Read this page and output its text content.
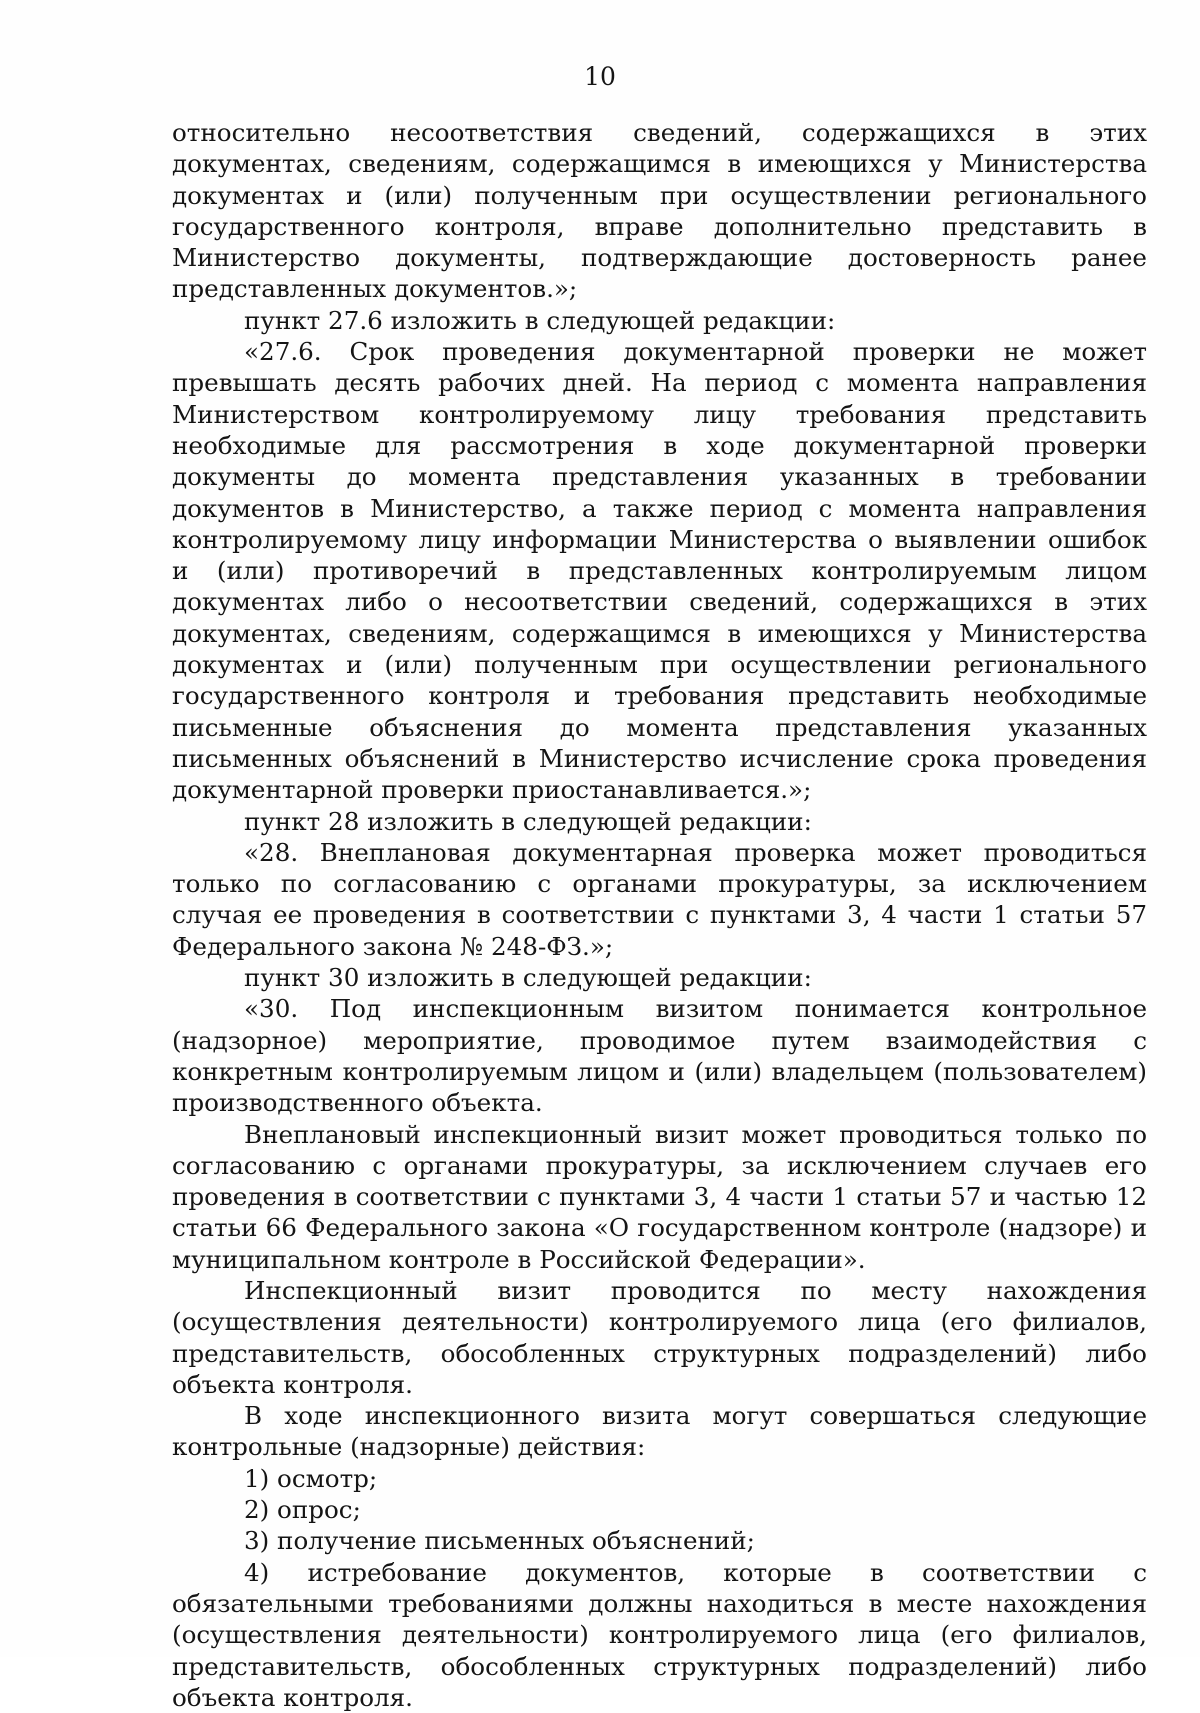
10

относительно несоответствия сведений, содержащихся в этих документах, сведениям, содержащимся в имеющихся у Министерства документах и (или) полученным при осуществлении регионального государственного контроля, вправе дополнительно представить в Министерство документы, подтверждающие достоверность ранее представленных документов.»;

пункт 27.6 изложить в следующей редакции:

«27.6. Срок проведения документарной проверки не может превышать десять рабочих дней. На период с момента направления Министерством контролируемому лицу требования представить необходимые для рассмотрения в ходе документарной проверки документы до момента представления указанных в требовании документов в Министерство, а также период с момента направления контролируемому лицу информации Министерства о выявлении ошибок и (или) противоречий в представленных контролируемым лицом документах либо о несоответствии сведений, содержащихся в этих документах, сведениям, содержащимся в имеющихся у Министерства документах и (или) полученным при осуществлении регионального государственного контроля и требования представить необходимые письменные объяснения до момента представления указанных письменных объяснений в Министерство исчисление срока проведения документарной проверки приостанавливается.»;

пункт 28 изложить в следующей редакции:

«28. Внеплановая документарная проверка может проводиться только по согласованию с органами прокуратуры, за исключением случая ее проведения в соответствии с пунктами 3, 4 части 1 статьи 57 Федерального закона № 248-ФЗ.»;

пункт 30 изложить в следующей редакции:

«30. Под инспекционным визитом понимается контрольное (надзорное) мероприятие, проводимое путем взаимодействия с конкретным контролируемым лицом и (или) владельцем (пользователем) производственного объекта.

Внеплановый инспекционный визит может проводиться только по согласованию с органами прокуратуры, за исключением случаев его проведения в соответствии с пунктами 3, 4 части 1 статьи 57 и частью 12 статьи 66 Федерального закона «О государственном контроле (надзоре) и муниципальном контроле в Российской Федерации».

Инспекционный визит проводится по месту нахождения (осуществления деятельности) контролируемого лица (его филиалов, представительств, обособленных структурных подразделений) либо объекта контроля.

В ходе инспекционного визита могут совершаться следующие контрольные (надзорные) действия:

1) осмотр;

2) опрос;

3) получение письменных объяснений;

4) истребование документов, которые в соответствии с обязательными требованиями должны находиться в месте нахождения (осуществления деятельности) контролируемого лица (его филиалов, представительств, обособленных структурных подразделений) либо объекта контроля.
